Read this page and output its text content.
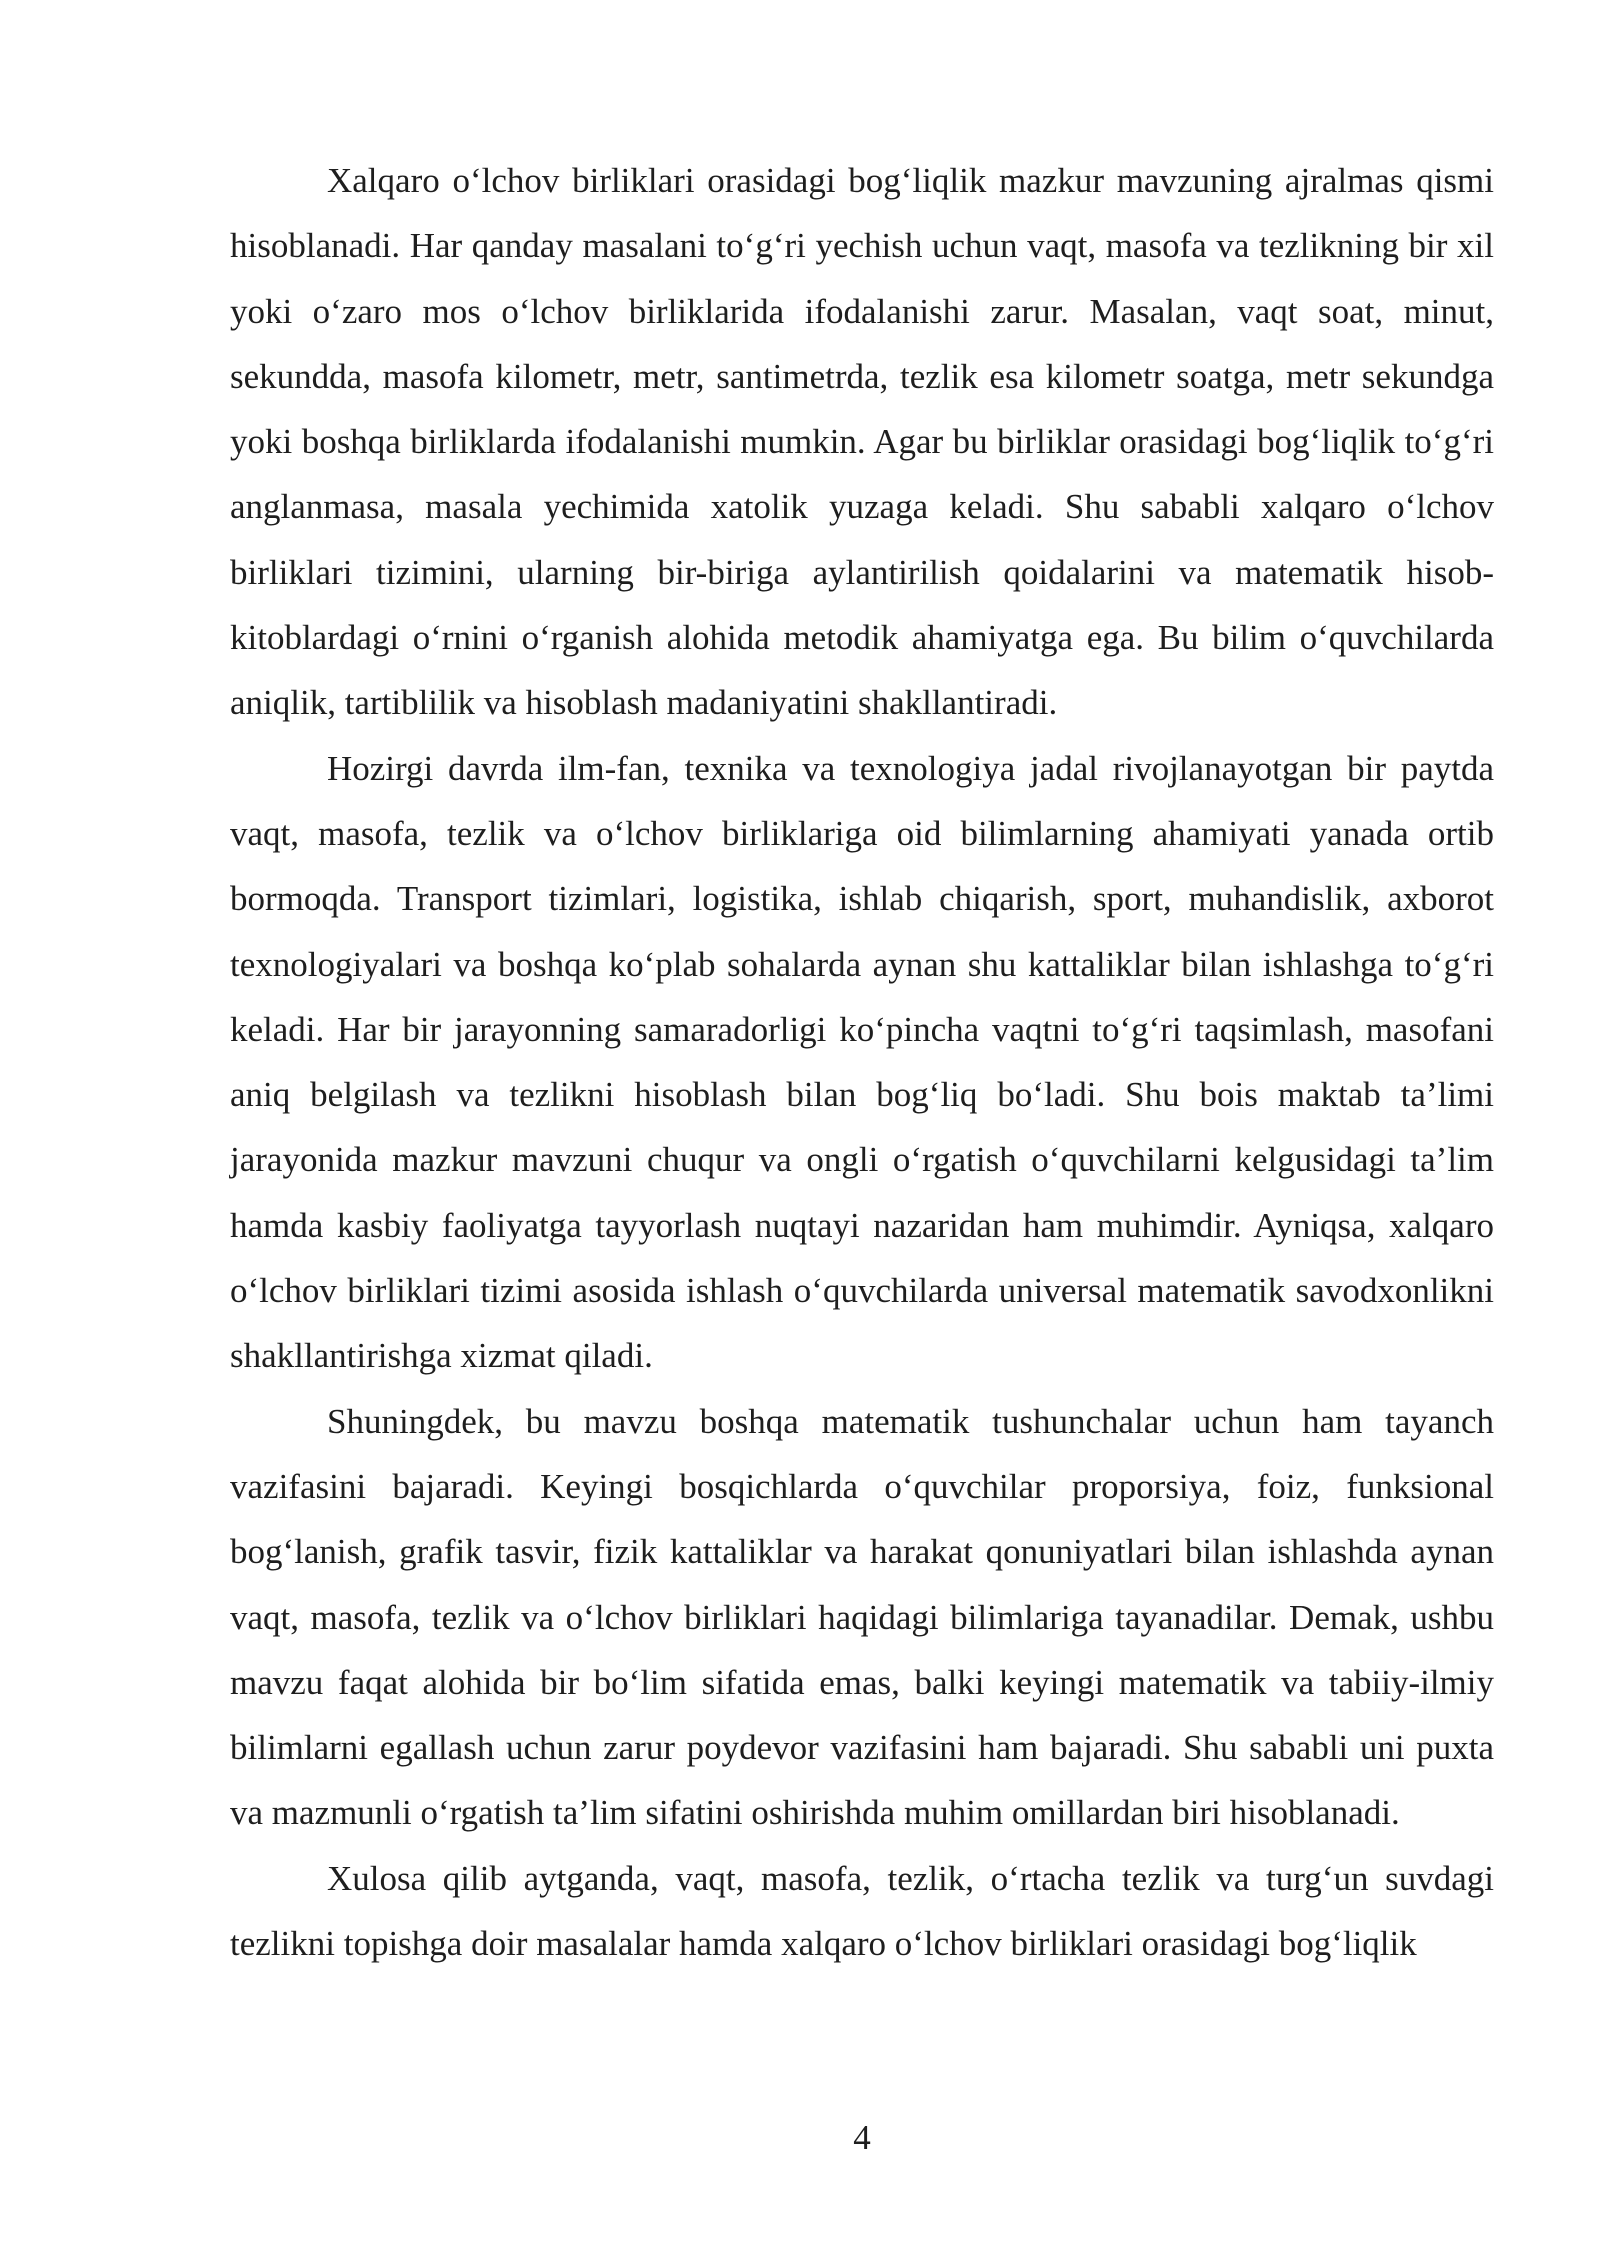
Xalqaro o‘lchov birliklari orasidagi bog‘liqlik mazkur mavzuning ajralmas qismi hisoblanadi. Har qanday masalani to‘g‘ri yechish uchun vaqt, masofa va tezlikning bir xil yoki o‘zaro mos o‘lchov birliklarida ifodalanishi zarur. Masalan, vaqt soat, minut, sekundda, masofa kilometr, metr, santimetrda, tezlik esa kilometr soatga, metr sekundga yoki boshqa birliklarda ifodalanishi mumkin. Agar bu birliklar orasidagi bog‘liqlik to‘g‘ri anglanmasa, masala yechimida xatolik yuzaga keladi. Shu sababli xalqaro o‘lchov birliklari tizimini, ularning bir-biriga aylantirilish qoidalarini va matematik hisob-kitoblardagi o‘rnini o‘rganish alohida metodik ahamiyatga ega. Bu bilim o‘quvchilarda aniqlik, tartiblilik va hisoblash madaniyatini shakllantiradi.

Hozirgi davrda ilm-fan, texnika va texnologiya jadal rivojlanayotgan bir paytda vaqt, masofa, tezlik va o‘lchov birliklariga oid bilimlarning ahamiyati yanada ortib bormoqda. Transport tizimlari, logistika, ishlab chiqarish, sport, muhandislik, axborot texnologiyalari va boshqa ko‘plab sohalarda aynan shu kattaliklar bilan ishlashga to‘g‘ri keladi. Har bir jarayonning samaradorligi ko‘pincha vaqtni to‘g‘ri taqsimlash, masofani aniq belgilash va tezlikni hisoblash bilan bog‘liq bo‘ladi. Shu bois maktab ta’limi jarayonida mazkur mavzuni chuqur va ongli o‘rgatish o‘quvchilarni kelgusidagi ta’lim hamda kasbiy faoliyatga tayyorlash nuqtayi nazaridan ham muhimdir. Ayniqsa, xalqaro o‘lchov birliklari tizimi asosida ishlash o‘quvchilarda universal matematik savodxonlikni shakllantirishga xizmat qiladi.

Shuningdek, bu mavzu boshqa matematik tushunchalar uchun ham tayanch vazifasini bajaradi. Keyingi bosqichlarda o‘quvchilar proporsiya, foiz, funksional bog‘lanish, grafik tasvir, fizik kattaliklar va harakat qonuniyatlari bilan ishlashda aynan vaqt, masofa, tezlik va o‘lchov birliklari haqidagi bilimlariga tayanadilar. Demak, ushbu mavzu faqat alohida bir bo‘lim sifatida emas, balki keyingi matematik va tabiiy-ilmiy bilimlarni egallash uchun zarur poydevor vazifasini ham bajaradi. Shu sababli uni puxta va mazmunli o‘rgatish ta’lim sifatini oshirishda muhim omillardan biri hisoblanadi.

Xulosa qilib aytganda, vaqt, masofa, tezlik, o‘rtacha tezlik va turg‘un suvdagi tezlikni topishga doir masalalar hamda xalqaro o‘lchov birliklari orasidagi bog‘liqlik

4
